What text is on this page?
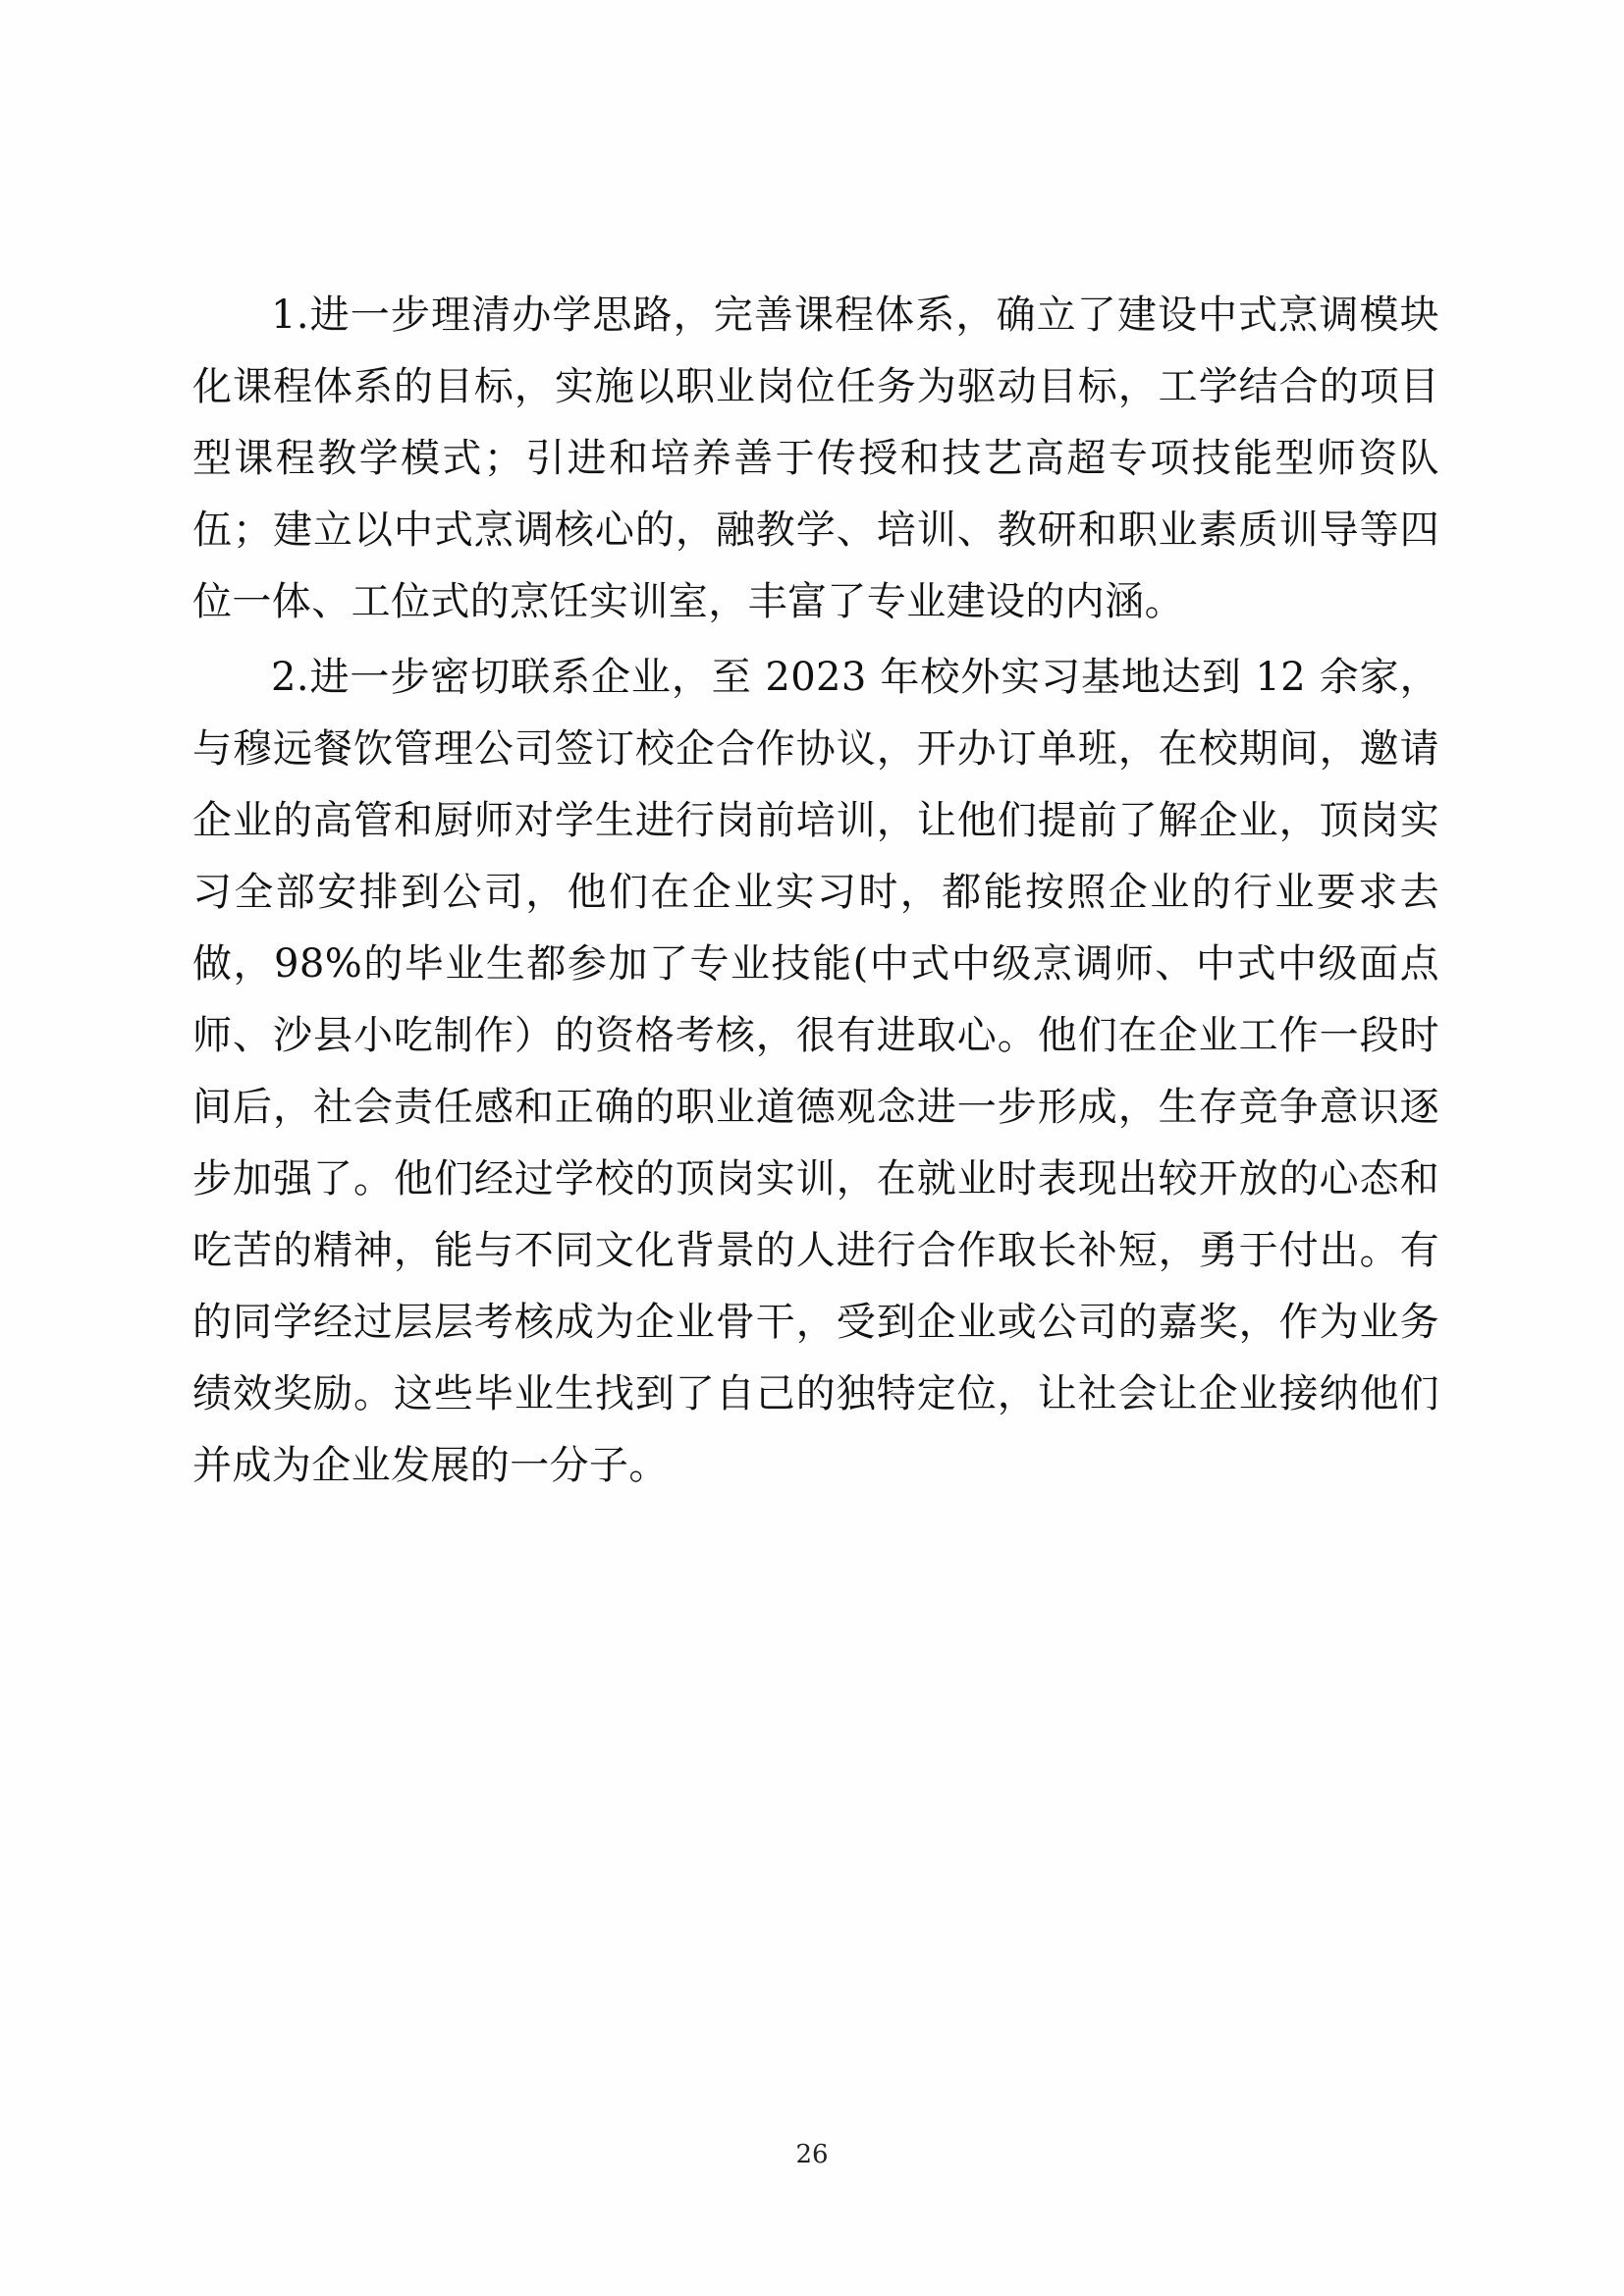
1.进一步理清办学思路，完善课程体系，确立了建设中式烹调模块化课程体系的目标，实施以职业岗位任务为驱动目标，工学结合的项目型课程教学模式；引进和培养善于传授和技艺高超专项技能型师资队伍；建立以中式烹调核心的，融教学、培训、教研和职业素质训导等四位一体、工位式的烹饪实训室，丰富了专业建设的内涵。

2.进一步密切联系企业，至 2023 年校外实习基地达到 12 余家，与穆远餐饮管理公司签订校企合作协议，开办订单班，在校期间，邀请企业的高管和厨师对学生进行岗前培训，让他们提前了解企业，顶岗实习全部安排到公司，他们在企业实习时，都能按照企业的行业要求去做，98%的毕业生都参加了专业技能(中式中级烹调师、中式中级面点师、沙县小吃制作）的资格考核，很有进取心。他们在企业工作一段时间后，社会责任感和正确的职业道德观念进一步形成，生存竞争意识逐步加强了。他们经过学校的顶岗实训，在就业时表现出较开放的心态和吃苦的精神，能与不同文化背景的人进行合作取长补短，勇于付出。有的同学经过层层考核成为企业骨干，受到企业或公司的嘉奖，作为业务绩效奖励。这些毕业生找到了自己的独特定位，让社会让企业接纳他们并成为企业发展的一分子。

26
